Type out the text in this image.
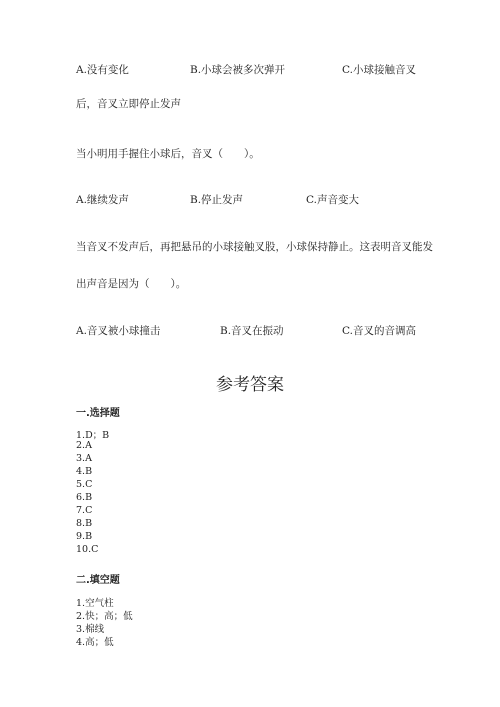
A.没有变化	B.小球会被多次弹开	C.小球接触音叉
后，音叉立即停止发声
当小明用手握住小球后，音叉（　　）。
A.继续发声	B.停止发声	C.声音变大
当音叉不发声后，再把悬吊的小球接触叉股，小球保持静止。这表明音叉能发
出声音是因为（　　）。
A.音叉被小球撞击	B.音叉在振动	C.音叉的音调高
参考答案
一.选择题
1.D；B
2.A
3.A
4.B
5.C
6.B
7.C
8.B
9.B
10.C
二.填空题
1.空气柱
2.快；高；低
3.棉线
4.高；低
